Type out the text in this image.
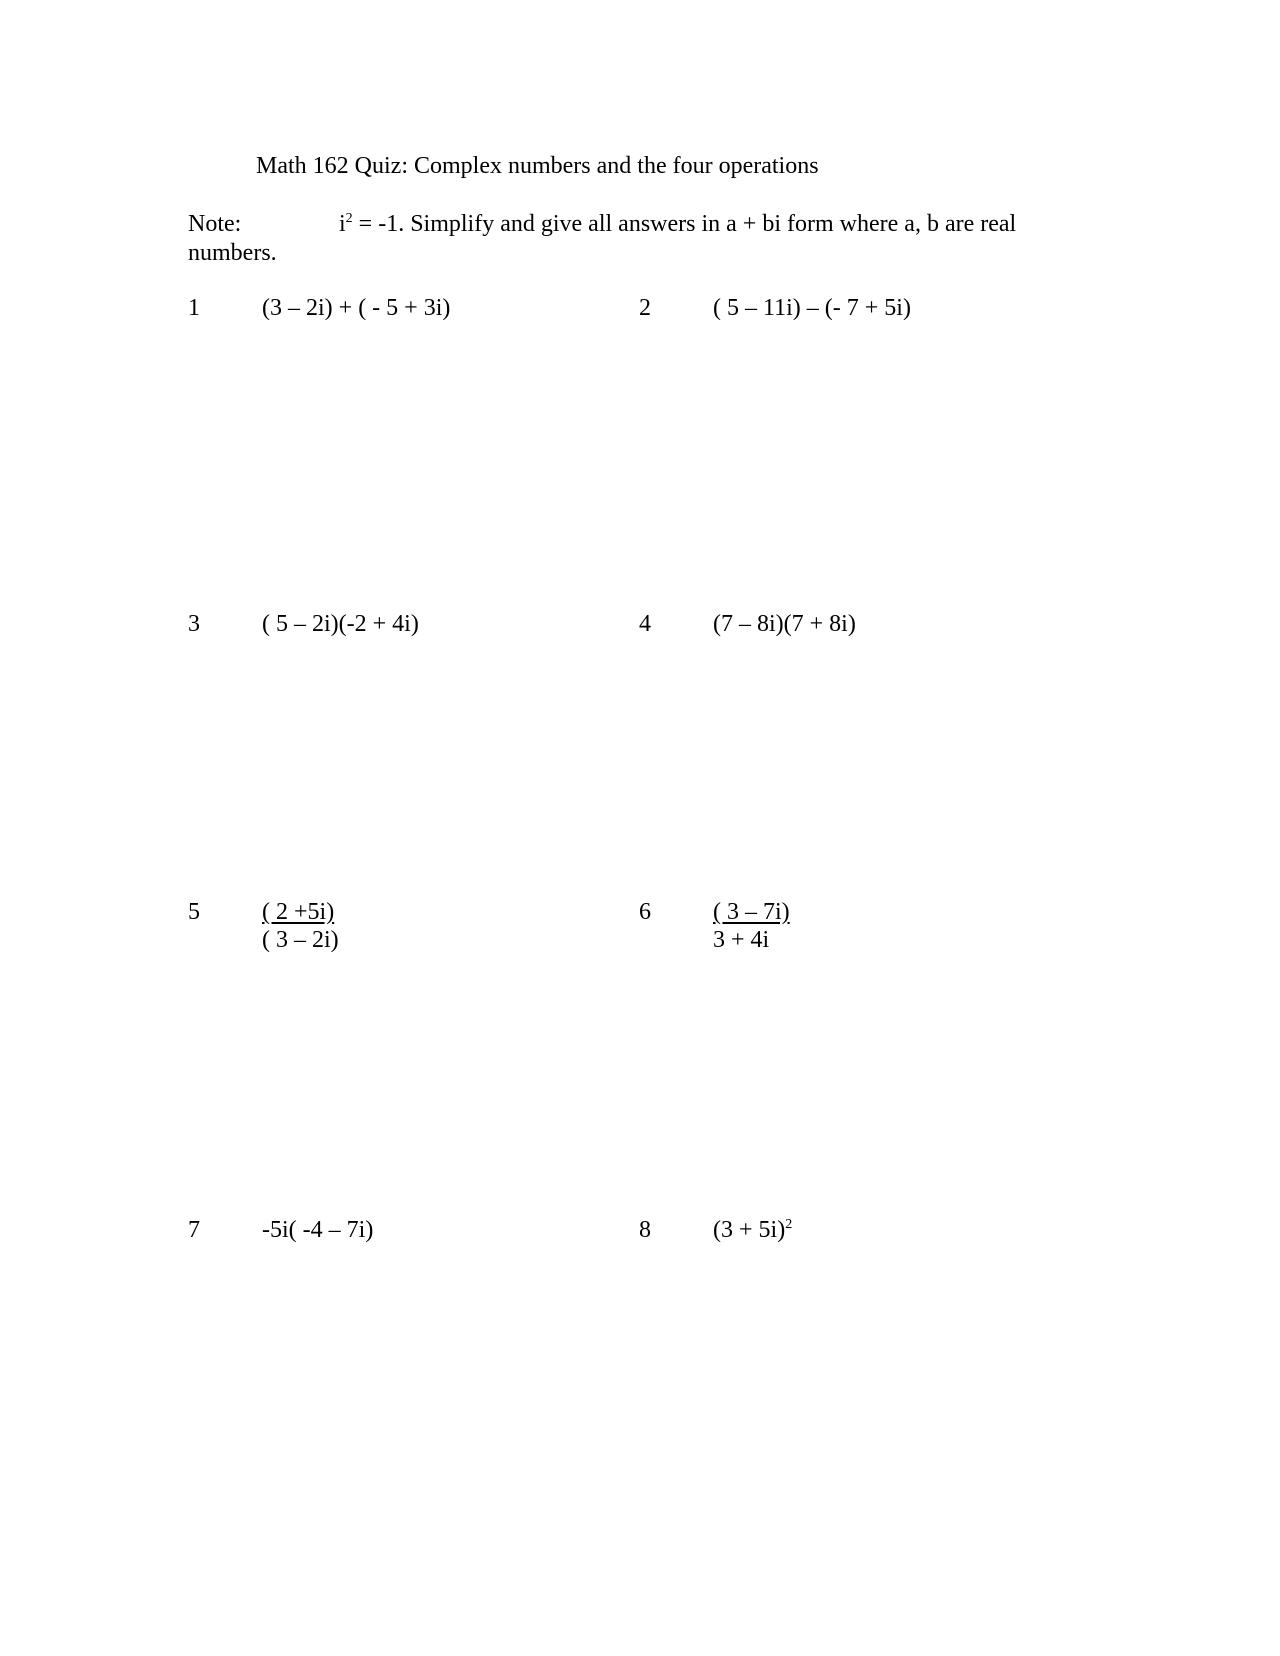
Math 162 Quiz: Complex numbers and the four operations
Note:	$i^2 = -1$. Simplify and give all answers in a + bi form where a, b are real
numbers.
1	(3 – 2i) + ( - 5 + 3i)	2	( 5 – 11i) – (- 7 + 5i)
3	( 5 – 2i)(-2 + 4i)	4	(7 – 8i)(7 + 8i)
5	$\frac{( 2 +5i)}{( 3 - 2i)}$	6	$\frac{( 3 - 7i)}{3 + 4i}$
7	-5i( -4 – 7i)	8	$(3 + 5i)^2$
